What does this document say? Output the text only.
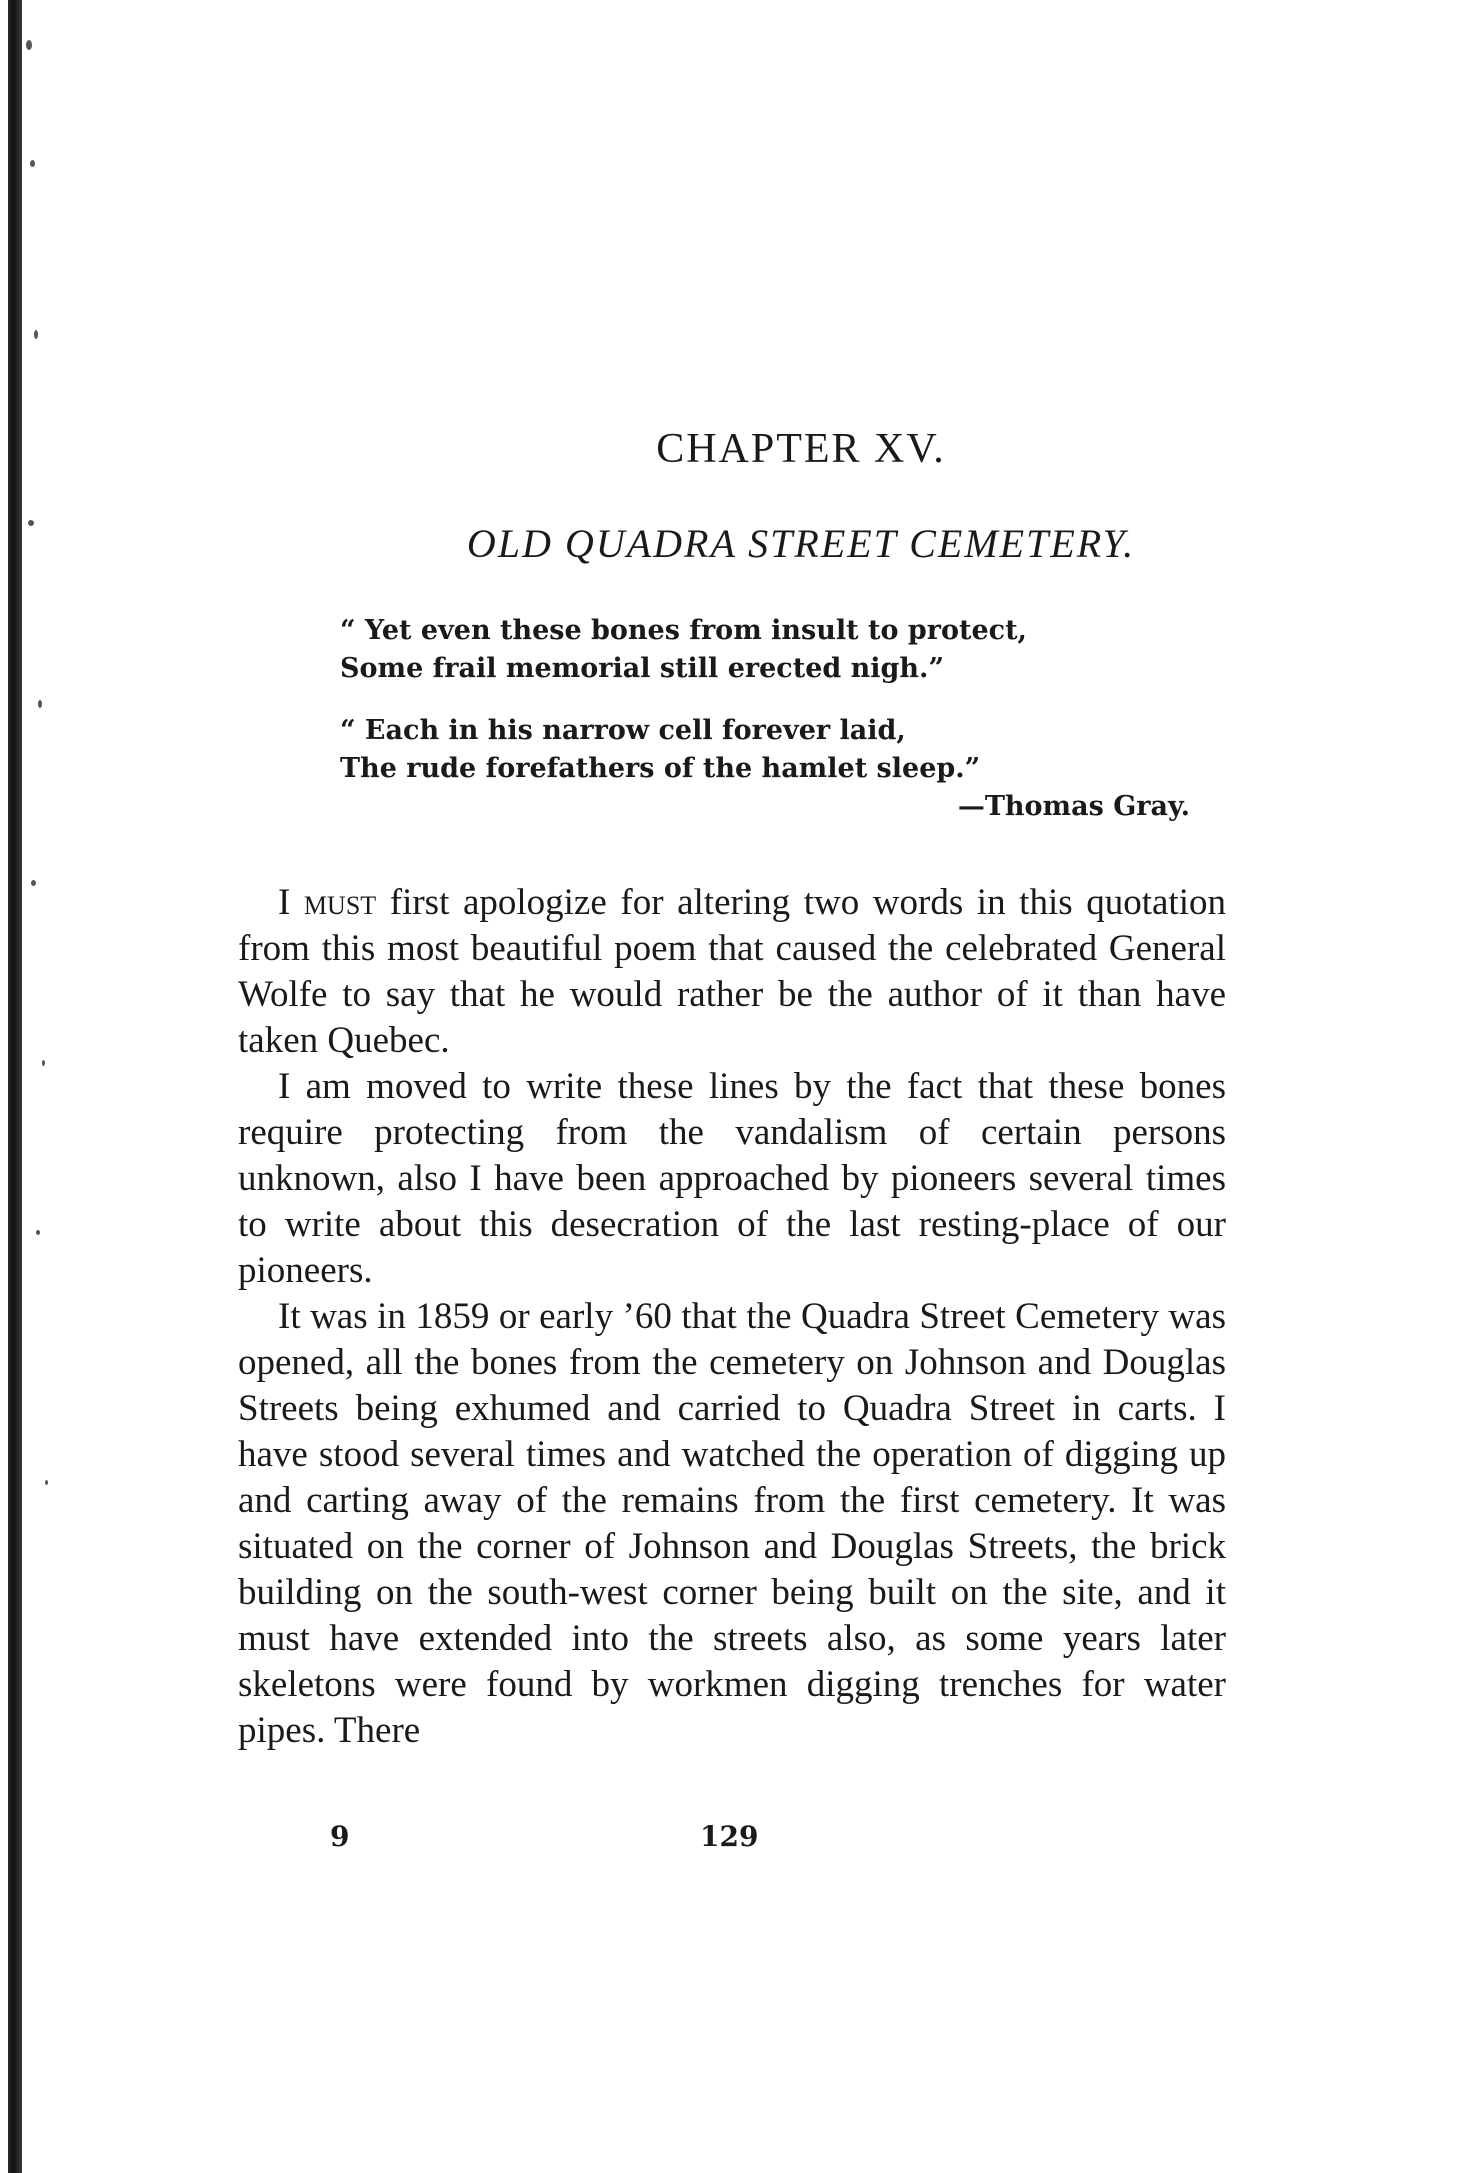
CHAPTER XV.
OLD QUADRA STREET CEMETERY.
“ Yet even these bones from insult to protect,
Some frail memorial still erected nigh.”
“ Each in his narrow cell forever laid,
The rude forefathers of the hamlet sleep.”
—Thomas Gray.

I must first apologize for altering two words in this quotation from this most beautiful poem that caused the celebrated General Wolfe to say that he would rather be the author of it than have taken Quebec.

I am moved to write these lines by the fact that these bones require protecting from the vandalism of certain persons unknown, also I have been approached by pioneers several times to write about this desecration of the last resting-place of our pioneers.

It was in 1859 or early ’60 that the Quadra Street Cemetery was opened, all the bones from the cemetery on Johnson and Douglas Streets being exhumed and carried to Quadra Street in carts. I have stood several times and watched the operation of digging up and carting away of the remains from the first cemetery. It was situated on the corner of Johnson and Douglas Streets, the brick building on the south-west corner being built on the site, and it must have extended into the streets also, as some years later skeletons were found by workmen digging trenches for water pipes. There

9	129
